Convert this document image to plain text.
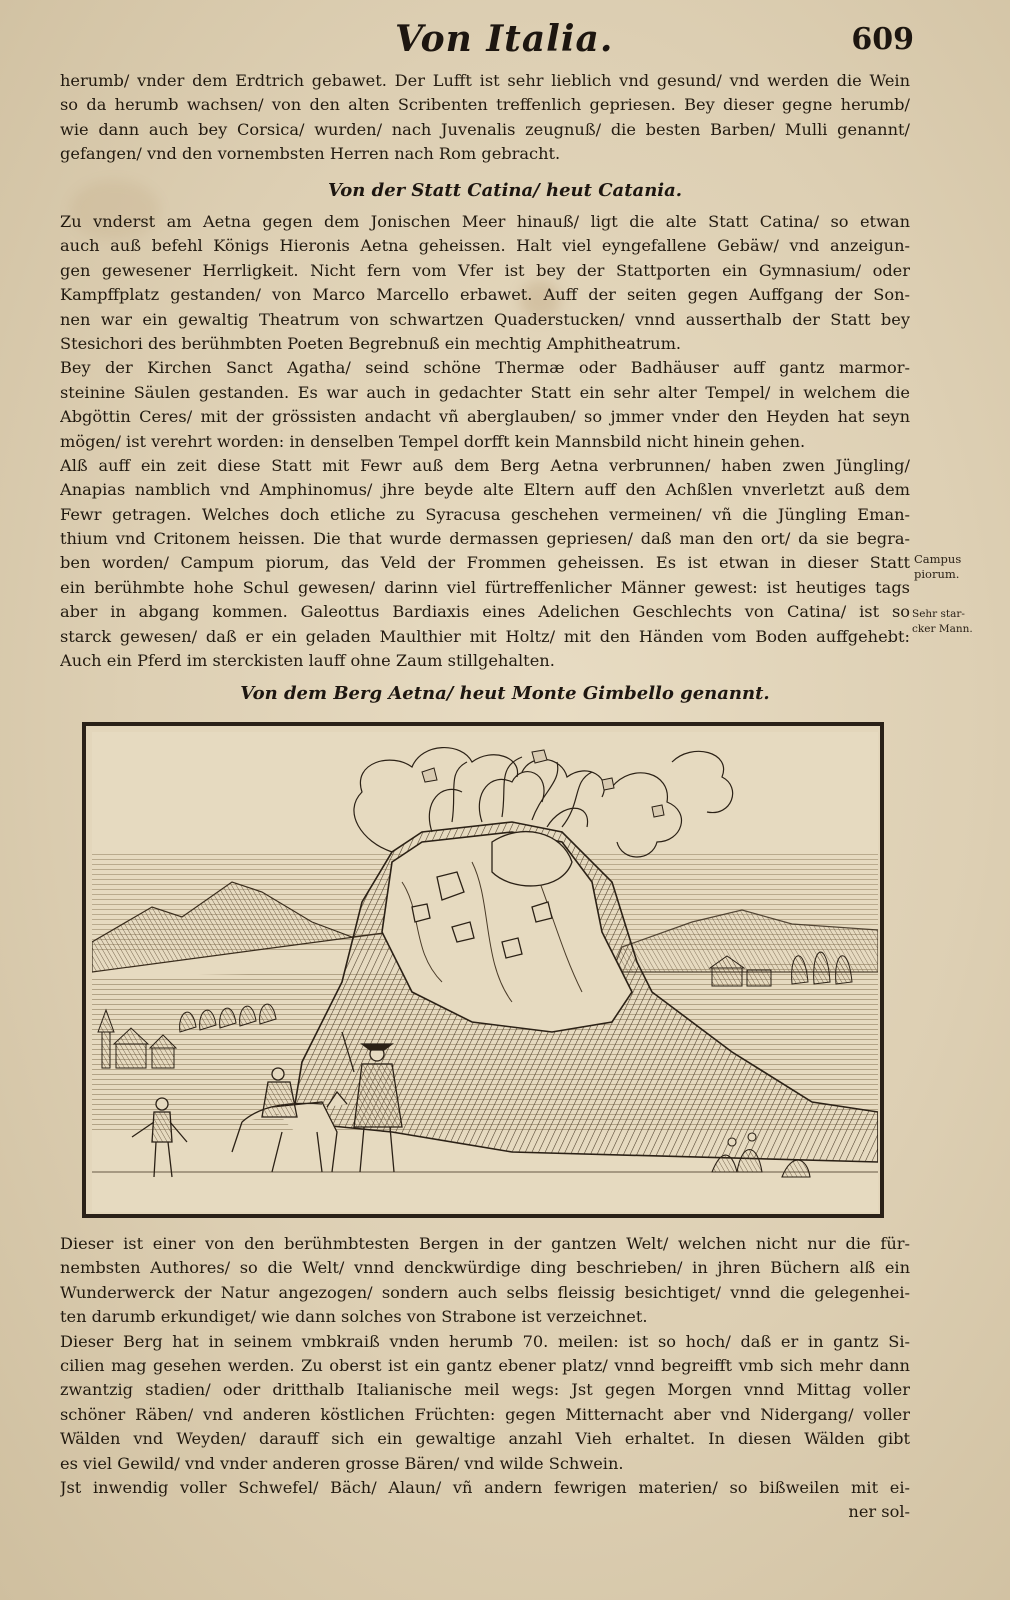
Von Italia.	609
herumb/ vnder dem Erdtrich gebawet. Der Lufft ist sehr lieblich vnd gesund/ vnd werden die Wein
so da herumb wachsen/ von den alten Scribenten treffenlich gepriesen. Bey dieser gegne herumb/
wie dann auch bey Corsica/ wurden/ nach Juvenalis zeugnuß/ die besten Barben/ Mulli genannt/
gefangen/ vnd den vornembsten Herren nach Rom gebracht.
Von der Statt Catina/ heut Catania.
Zu vnderst am Aetna gegen dem Jonischen Meer hinauß/ ligt die alte Statt Catina/ so etwan
auch auß befehl Königs Hieronis Aetna geheissen. Halt viel eyngefallene Gebäw/ vnd anzeigun-
gen gewesener Herrligkeit. Nicht fern vom Vfer ist bey der Stattporten ein Gymnasium/ oder
Kampffplatz gestanden/ von Marco Marcello erbawet. Auff der seiten gegen Auffgang der Son-
nen war ein gewaltig Theatrum von schwartzen Quaderstucken/ vnnd ausserthalb der Statt bey
Stesichori des berühmbten Poeten Begrebnuß ein mechtig Amphitheatrum.
Bey der Kirchen Sanct Agatha/ seind schöne Thermæ oder Badhäuser auff gantz marmor-
steinine Säulen gestanden. Es war auch in gedachter Statt ein sehr alter Tempel/ in welchem die
Abgöttin Ceres/ mit der grössisten andacht vñ aberglauben/ so jmmer vnder den Heyden hat seyn
mögen/ ist verehrt worden: in denselben Tempel dorfft kein Mannsbild nicht hinein gehen.
Alß auff ein zeit diese Statt mit Fewr auß dem Berg Aetna verbrunnen/ haben zwen Jüngling/
Anapias namblich vnd Amphinomus/ jhre beyde alte Eltern auff den Achßlen vnverletzt auß dem
Fewr getragen. Welches doch etliche zu Syracusa geschehen vermeinen/ vñ die Jüngling Eman-
thium vnd Critonem heissen. Die that wurde dermassen gepriesen/ daß man den ort/ da sie begra-
ben worden/ Campum piorum, das Veld der Frommen geheissen. Es ist etwan in dieser Statt
ein berühmbte hohe Schul gewesen/ darinn viel fürtreffenlicher Männer gewest: ist heutiges tags
aber in abgang kommen. Galeottus Bardiaxis eines Adelichen Geschlechts von Catina/ ist so
starck gewesen/ daß er ein geladen Maulthier mit Holtz/ mit den Händen vom Boden auffgehebt:
Auch ein Pferd im sterckisten lauff ohne Zaum stillgehalten.
Campus
piorum.
Sehr star-
cker Mann.
Von dem Berg Aetna/ heut Monte Gimbello genannt.
Dieser ist einer von den berühmbtesten Bergen in der gantzen Welt/ welchen nicht nur die für-
nembsten Authores/ so die Welt/ vnnd denckwürdige ding beschrieben/ in jhren Büchern alß ein
Wunderwerck der Natur angezogen/ sondern auch selbs fleissig besichtiget/ vnnd die gelegenhei-
ten darumb erkundiget/ wie dann solches von Strabone ist verzeichnet.
Dieser Berg hat in seinem vmbkraiß vnden herumb 70. meilen: ist so hoch/ daß er in gantz Si-
cilien mag gesehen werden. Zu oberst ist ein gantz ebener platz/ vnnd begreifft vmb sich mehr dann
zwantzig stadien/ oder dritthalb Italianische meil wegs: Jst gegen Morgen vnnd Mittag voller
schöner Räben/ vnd anderen köstlichen Früchten: gegen Mitternacht aber vnd Nidergang/ voller
Wälden vnd Weyden/ darauff sich ein gewaltige anzahl Vieh erhaltet. In diesen Wälden gibt
es viel Gewild/ vnd vnder anderen grosse Bären/ vnd wilde Schwein.
Jst inwendig voller Schwefel/ Bäch/ Alaun/ vñ andern fewrigen materien/ so bißweilen mit ei-
ner sol-
